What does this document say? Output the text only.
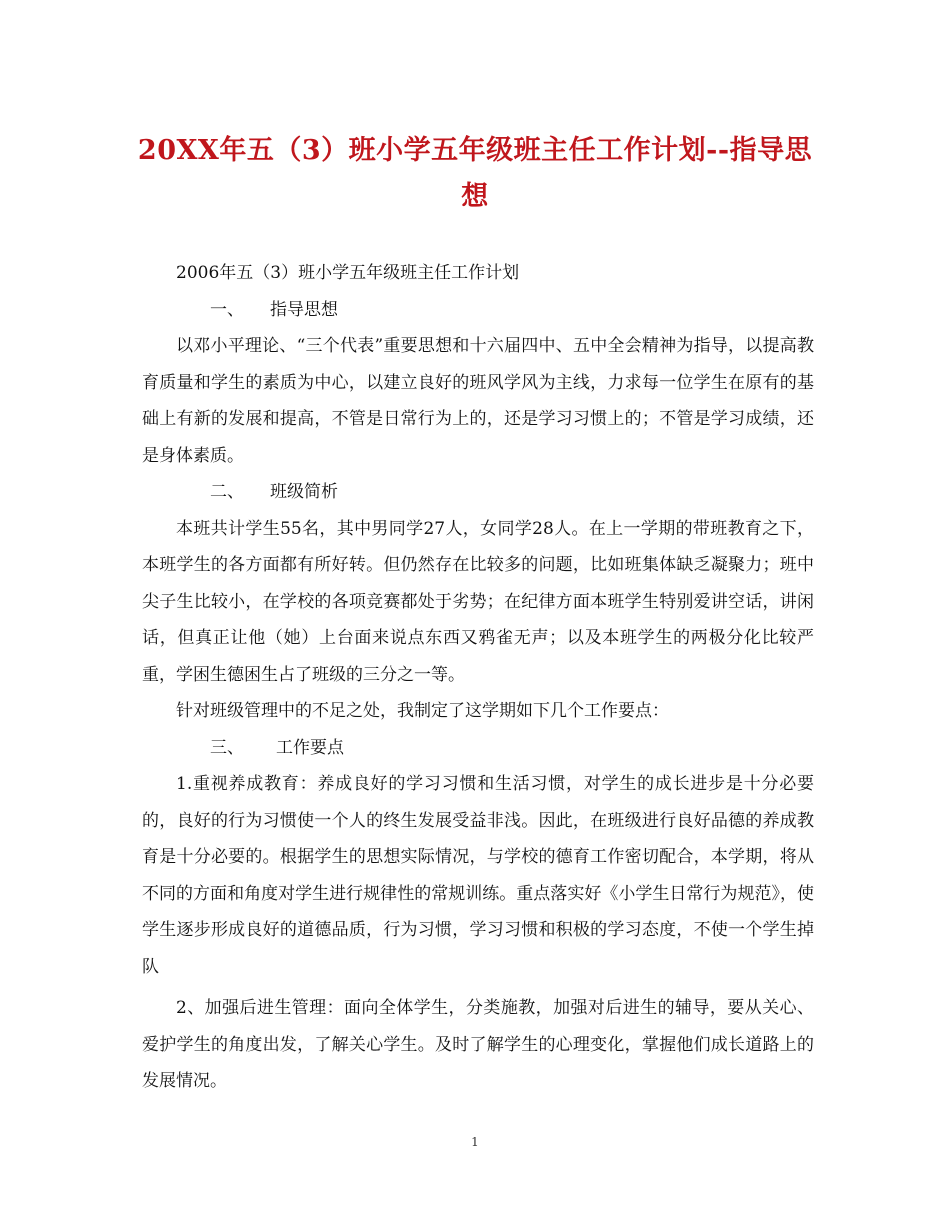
20XX年五（3）班小学五年级班主任工作计划--指导思想

2006年五（3）班小学五年级班主任工作计划

一、 指导思想

以邓小平理论、“三个代表”重要思想和十六届四中、五中全会精神为指导，以提高教育质量和学生的素质为中心，以建立良好的班风学风为主线，力求每一位学生在原有的基础上有新的发展和提高，不管是日常行为上的，还是学习习惯上的；不管是学习成绩，还是身体素质。

二、 班级简析

本班共计学生55名，其中男同学27人，女同学28人。在上一学期的带班教育之下，本班学生的各方面都有所好转。但仍然存在比较多的问题，比如班集体缺乏凝聚力；班中尖子生比较小，在学校的各项竞赛都处于劣势；在纪律方面本班学生特别爱讲空话，讲闲话，但真正让他（她）上台面来说点东西又鸦雀无声；以及本班学生的两极分化比较严重，学困生德困生占了班级的三分之一等。

针对班级管理中的不足之处，我制定了这学期如下几个工作要点：

三、 工作要点

1.重视养成教育：养成良好的学习习惯和生活习惯，对学生的成长进步是十分必要的，良好的行为习惯使一个人的终生发展受益非浅。因此，在班级进行良好品德的养成教育是十分必要的。根据学生的思想实际情况，与学校的德育工作密切配合，本学期，将从不同的方面和角度对学生进行规律性的常规训练。重点落实好《小学生日常行为规范》，使学生逐步形成良好的道德品质，行为习惯，学习习惯和积极的学习态度，不使一个学生掉队

2、加强后进生管理：面向全体学生，分类施教，加强对后进生的辅导，要从关心、爱护学生的角度出发，了解关心学生。及时了解学生的心理变化，掌握他们成长道路上的发展情况。

1
